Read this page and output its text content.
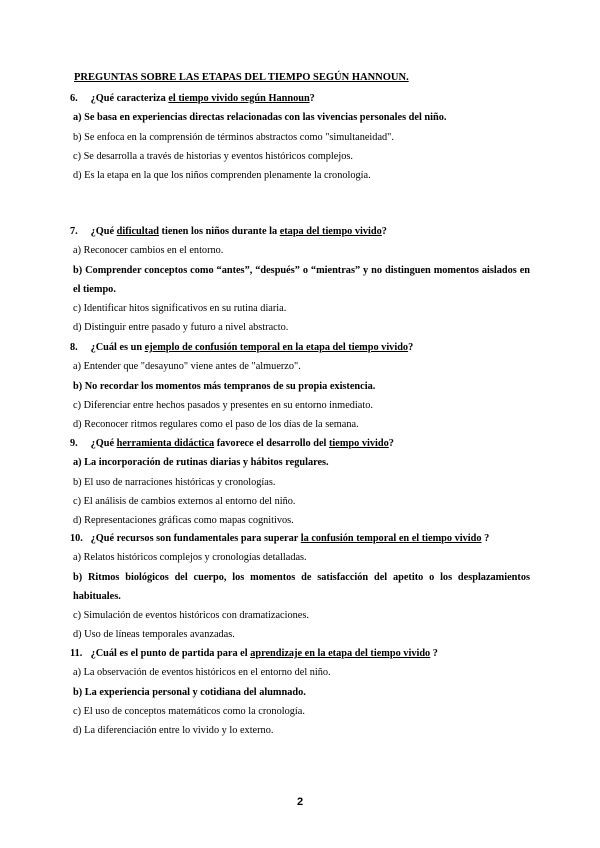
PREGUNTAS SOBRE LAS ETAPAS DEL TIEMPO SEGÚN HANNOUN.
6. ¿Qué caracteriza el tiempo vivido según Hannoun?
a) Se basa en experiencias directas relacionadas con las vivencias personales del niño.
b) Se enfoca en la comprensión de términos abstractos como "simultaneidad".
c) Se desarrolla a través de historias y eventos históricos complejos.
d) Es la etapa en la que los niños comprenden plenamente la cronología.
7. ¿Qué dificultad tienen los niños durante la etapa del tiempo vivido?
a) Reconocer cambios en el entorno.
b) Comprender conceptos como “antes”, “después” o “mientras” y no distinguen momentos aislados en el tiempo.
c) Identificar hitos significativos en su rutina diaria.
d) Distinguir entre pasado y futuro a nivel abstracto.
8. ¿Cuál es un ejemplo de confusión temporal en la etapa del tiempo vivido?
a) Entender que "desayuno" viene antes de "almuerzo".
b) No recordar los momentos más tempranos de su propia existencia.
c) Diferenciar entre hechos pasados y presentes en su entorno inmediato.
d) Reconocer ritmos regulares como el paso de los días de la semana.
9. ¿Qué herramienta didáctica favorece el desarrollo del tiempo vivido?
a) La incorporación de rutinas diarias y hábitos regulares.
b) El uso de narraciones históricas y cronologías.
c) El análisis de cambios externos al entorno del niño.
d) Representaciones gráficas como mapas cognitivos.
10. ¿Qué recursos son fundamentales para superar la confusión temporal en el tiempo vivido ?
a) Relatos históricos complejos y cronologías detalladas.
b) Ritmos biológicos del cuerpo, los momentos de satisfacción del apetito o los desplazamientos habituales.
c) Simulación de eventos históricos con dramatizaciones.
d) Uso de líneas temporales avanzadas.
11. ¿Cuál es el punto de partida para el aprendizaje en la etapa del tiempo vivido ?
a) La observación de eventos históricos en el entorno del niño.
b) La experiencia personal y cotidiana del alumnado.
c) El uso de conceptos matemáticos como la cronología.
d) La diferenciación entre lo vivido y lo externo.
2
